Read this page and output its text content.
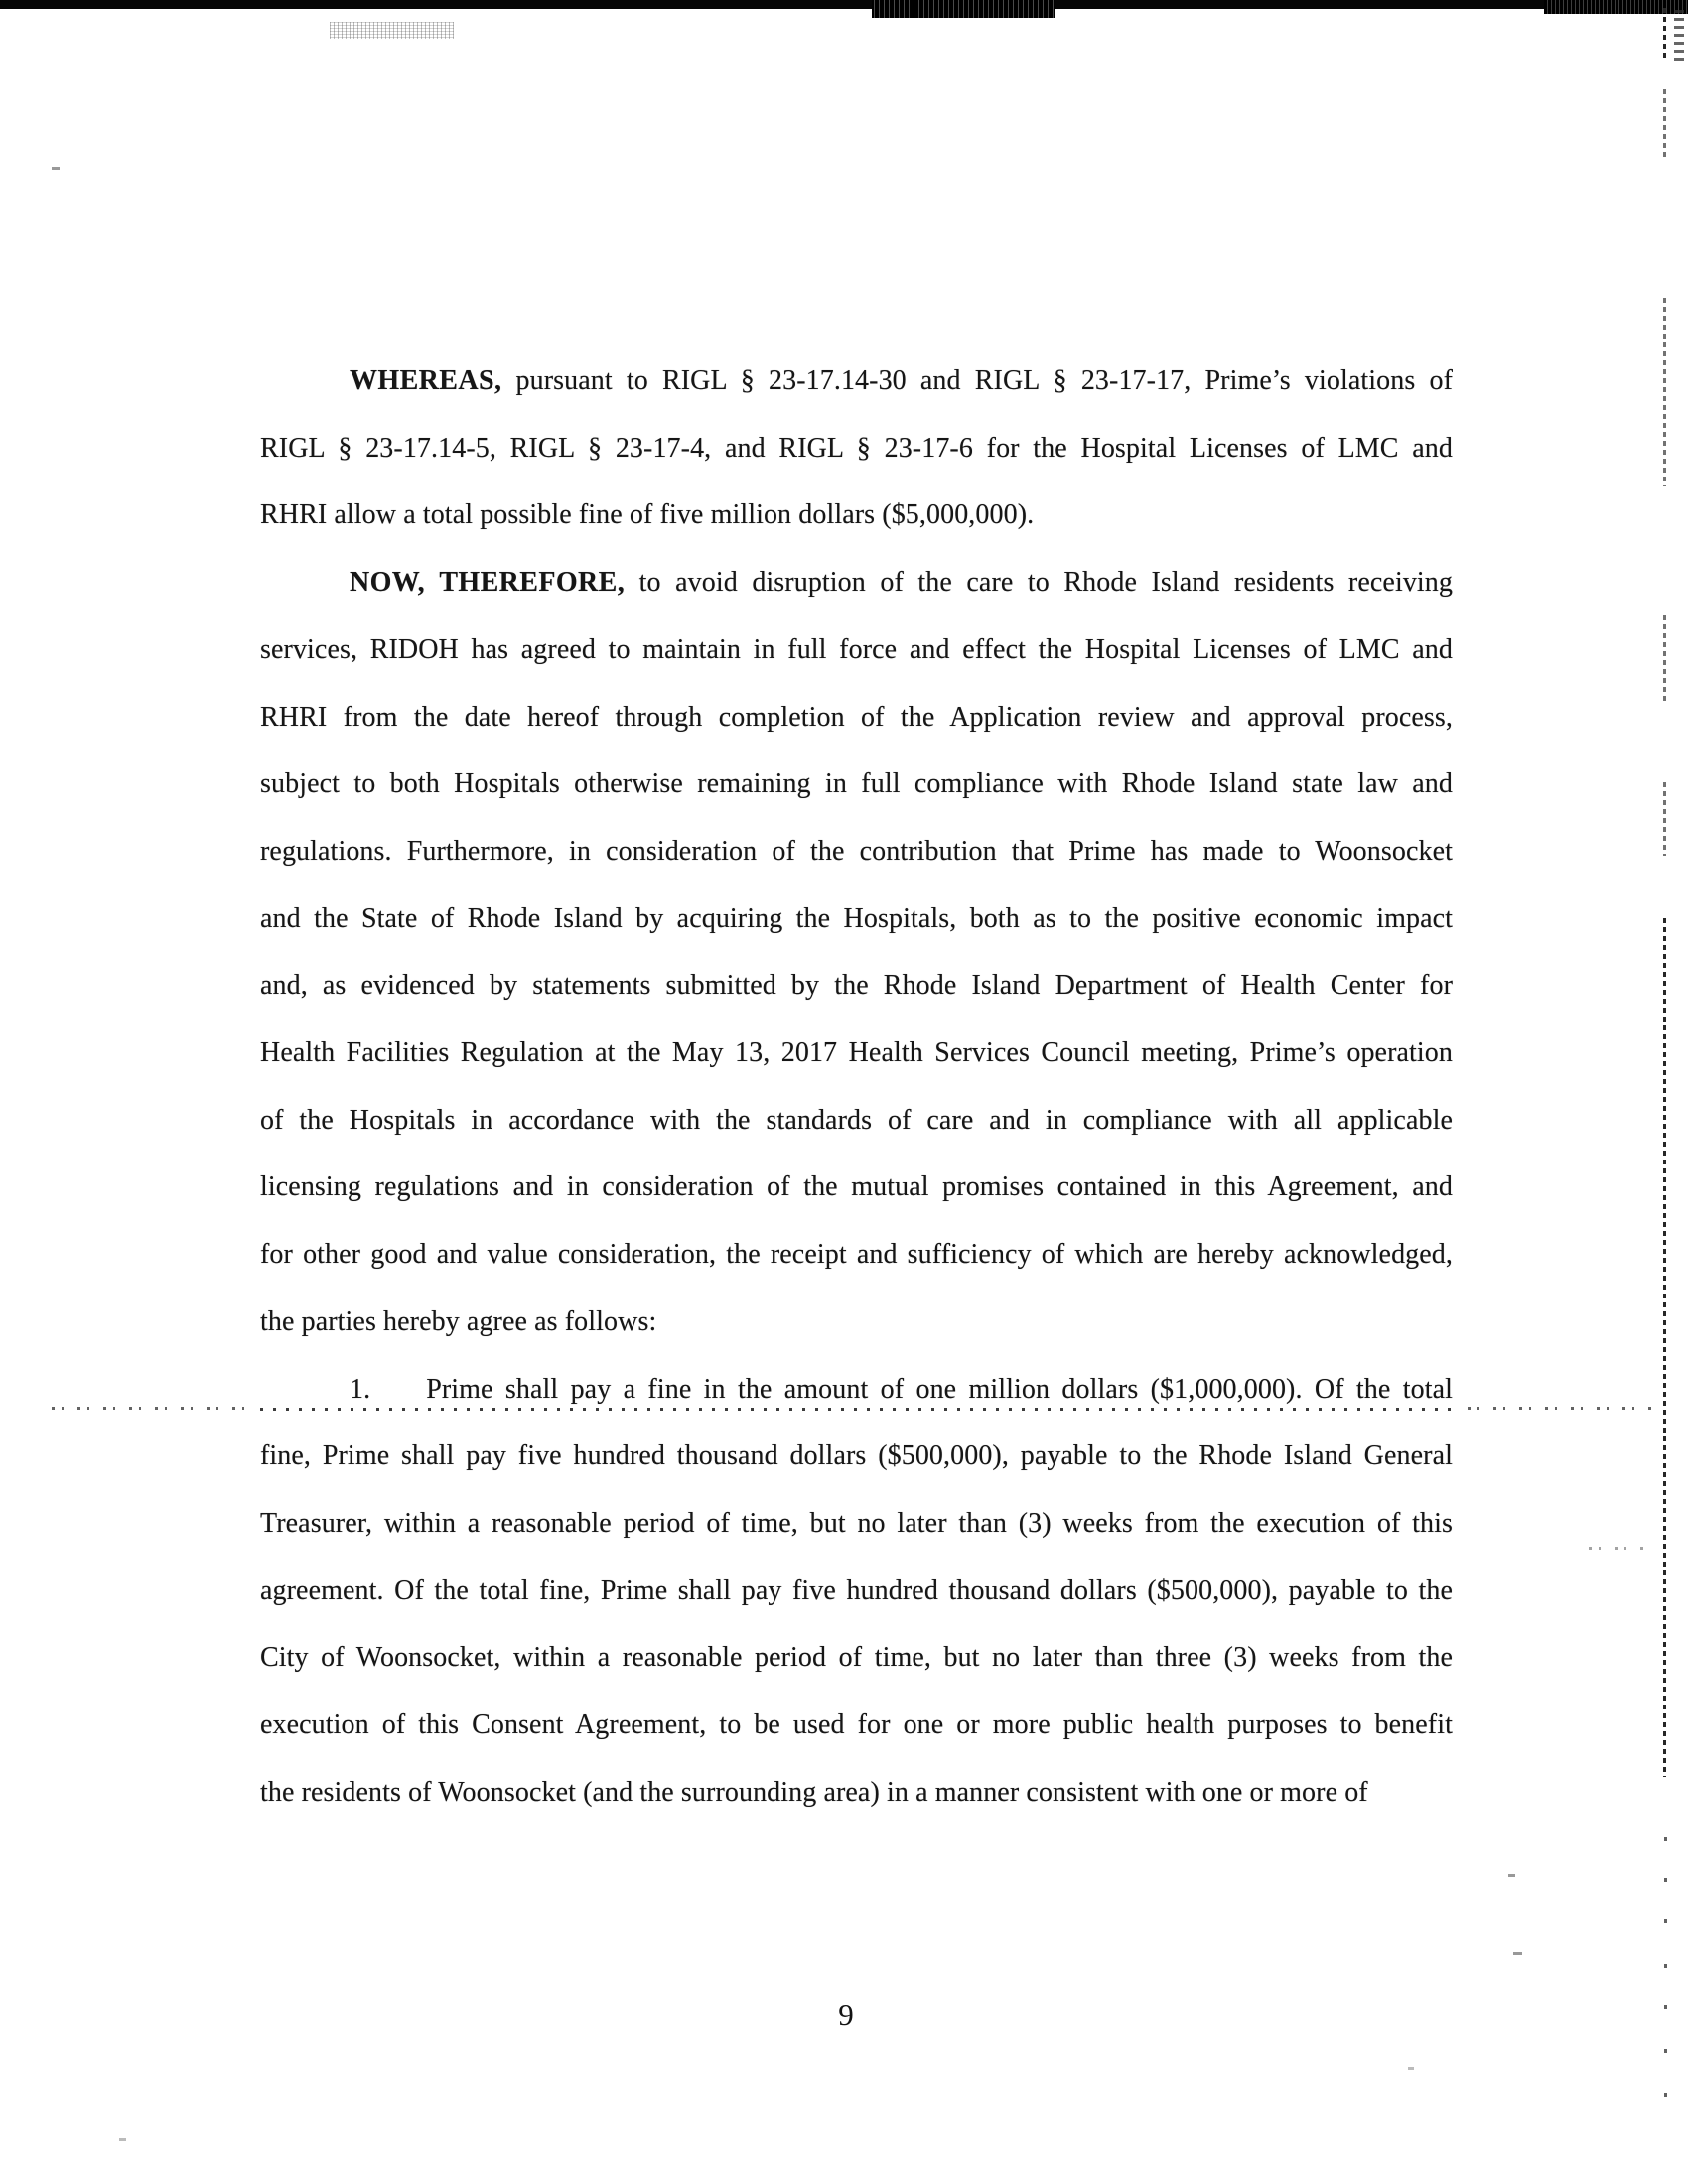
WHEREAS, pursuant to RIGL § 23-17.14-30 and RIGL § 23-17-17, Prime’s violations of
RIGL § 23-17.14-5, RIGL § 23-17-4, and RIGL § 23-17-6 for the Hospital Licenses of LMC and
RHRI allow a total possible fine of five million dollars ($5,000,000).
NOW, THEREFORE, to avoid disruption of the care to Rhode Island residents receiving
services, RIDOH has agreed to maintain in full force and effect the Hospital Licenses of LMC and
RHRI from the date hereof through completion of the Application review and approval process,
subject to both Hospitals otherwise remaining in full compliance with Rhode Island state law and
regulations. Furthermore, in consideration of the contribution that Prime has made to Woonsocket
and the State of Rhode Island by acquiring the Hospitals, both as to the positive economic impact
and, as evidenced by statements submitted by the Rhode Island Department of Health Center for
Health Facilities Regulation at the May 13, 2017 Health Services Council meeting, Prime’s operation
of the Hospitals in accordance with the standards of care and in compliance with all applicable
licensing regulations and in consideration of the mutual promises contained in this Agreement, and
for other good and value consideration, the receipt and sufficiency of which are hereby acknowledged,
the parties hereby agree as follows:
1. Prime shall pay a fine in the amount of one million dollars ($1,000,000). Of the total
fine, Prime shall pay five hundred thousand dollars ($500,000), payable to the Rhode Island General
Treasurer, within a reasonable period of time, but no later than (3) weeks from the execution of this
agreement. Of the total fine, Prime shall pay five hundred thousand dollars ($500,000), payable to the
City of Woonsocket, within a reasonable period of time, but no later than three (3) weeks from the
execution of this Consent Agreement, to be used for one or more public health purposes to benefit
the residents of Woonsocket (and the surrounding area) in a manner consistent with one or more of
9
